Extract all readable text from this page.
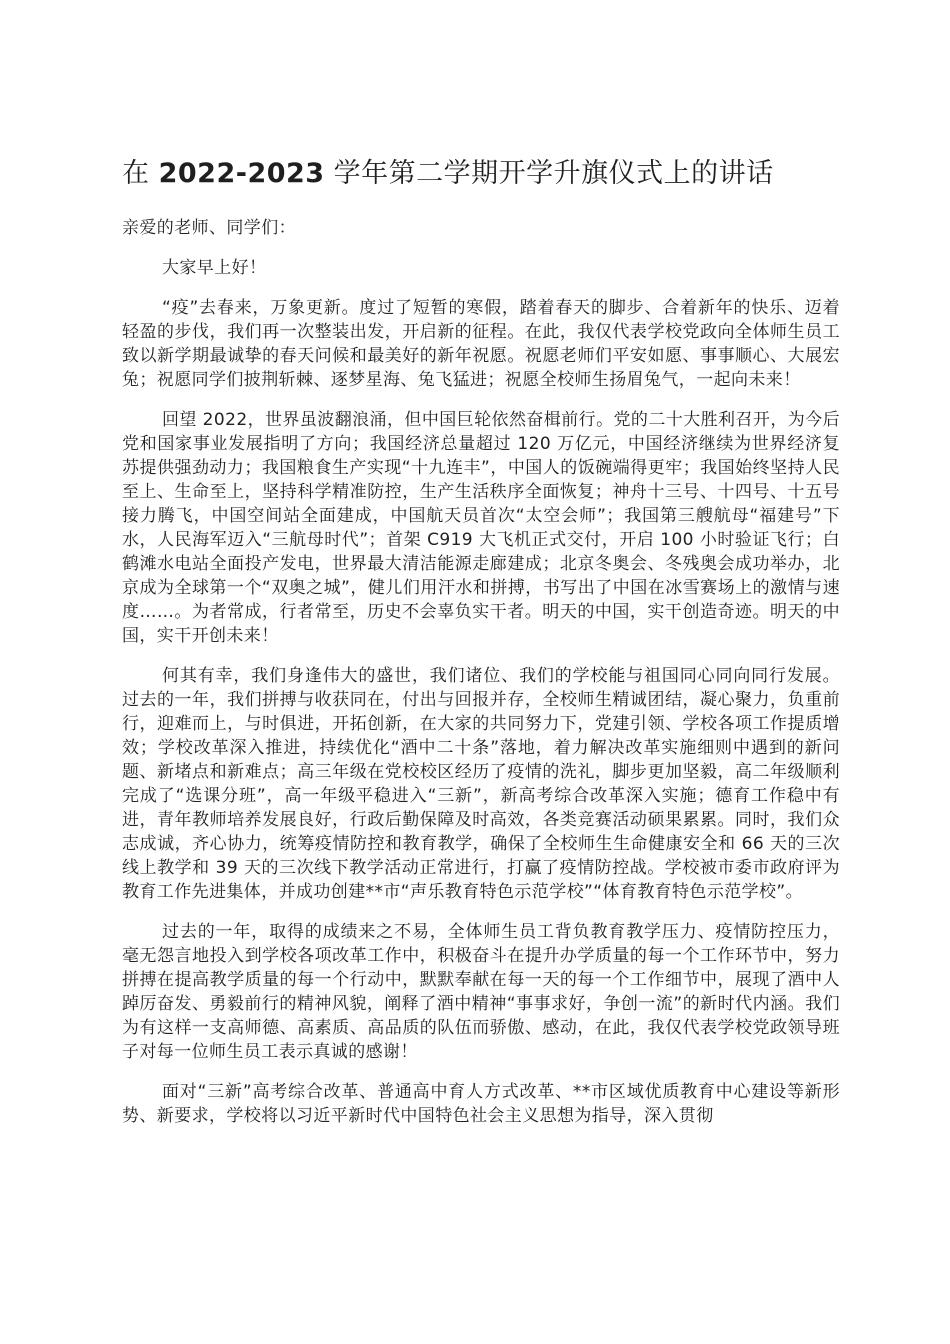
在 2022-2023 学年第二学期开学升旗仪式上的讲话

亲爱的老师、同学们：

大家早上好！

“疫”去春来，万象更新。度过了短暂的寒假，踏着春天的脚步、合着新年的快乐、迈着轻盈的步伐，我们再一次整装出发，开启新的征程。在此，我仅代表学校党政向全体师生员工致以新学期最诚挚的春天问候和最美好的新年祝愿。祝愿老师们平安如愿、事事顺心、大展宏兔；祝愿同学们披荆斩棘、逐梦星海、兔飞猛进；祝愿全校师生扬眉兔气，一起向未来！

回望 2022，世界虽波翻浪涌，但中国巨轮依然奋楫前行。党的二十大胜利召开，为今后党和国家事业发展指明了方向；我国经济总量超过 120 万亿元，中国经济继续为世界经济复苏提供强劲动力；我国粮食生产实现“十九连丰”，中国人的饭碗端得更牢；我国始终坚持人民至上、生命至上，坚持科学精准防控，生产生活秩序全面恢复；神舟十三号、十四号、十五号接力腾飞，中国空间站全面建成，中国航天员首次“太空会师”；我国第三艘航母“福建号”下水，人民海军迈入“三航母时代”；首架 C919 大飞机正式交付，开启 100 小时验证飞行；白鹤滩水电站全面投产发电，世界最大清洁能源走廊建成；北京冬奥会、冬残奥会成功举办，北京成为全球第一个“双奥之城”，健儿们用汗水和拼搏，书写出了中国在冰雪赛场上的激情与速度……。为者常成，行者常至，历史不会辜负实干者。明天的中国，实干创造奇迹。明天的中国，实干开创未来！

何其有幸，我们身逢伟大的盛世，我们诸位、我们的学校能与祖国同心同向同行发展。过去的一年，我们拼搏与收获同在，付出与回报并存，全校师生精诚团结，凝心聚力，负重前行，迎难而上，与时俱进，开拓创新，在大家的共同努力下，党建引领、学校各项工作提质增效；学校改革深入推进，持续优化“酒中二十条”落地，着力解决改革实施细则中遇到的新问题、新堵点和新难点；高三年级在党校校区经历了疫情的洗礼，脚步更加坚毅，高二年级顺利完成了“选课分班”，高一年级平稳进入“三新”，新高考综合改革深入实施；德育工作稳中有进，青年教师培养发展良好，行政后勤保障及时高效，各类竞赛活动硕果累累。同时，我们众志成诚，齐心协力，统筹疫情防控和教育教学，确保了全校师生生命健康安全和 66 天的三次线上教学和 39 天的三次线下教学活动正常进行，打赢了疫情防控战。学校被市委市政府评为教育工作先进集体，并成功创建**市“声乐教育特色示范学校”“体育教育特色示范学校”。

过去的一年，取得的成绩来之不易，全体师生员工背负教育教学压力、疫情防控压力，毫无怨言地投入到学校各项改革工作中，积极奋斗在提升办学质量的每一个工作环节中，努力拼搏在提高教学质量的每一个行动中，默默奉献在每一天的每一个工作细节中，展现了酒中人踔厉奋发、勇毅前行的精神风貌，阐释了酒中精神“事事求好，争创一流”的新时代内涵。我们为有这样一支高师德、高素质、高品质的队伍而骄傲、感动，在此，我仅代表学校党政领导班子对每一位师生员工表示真诚的感谢！

面对“三新”高考综合改革、普通高中育人方式改革、**市区域优质教育中心建设等新形势、新要求，学校将以习近平新时代中国特色社会主义思想为指导，深入贯彻
